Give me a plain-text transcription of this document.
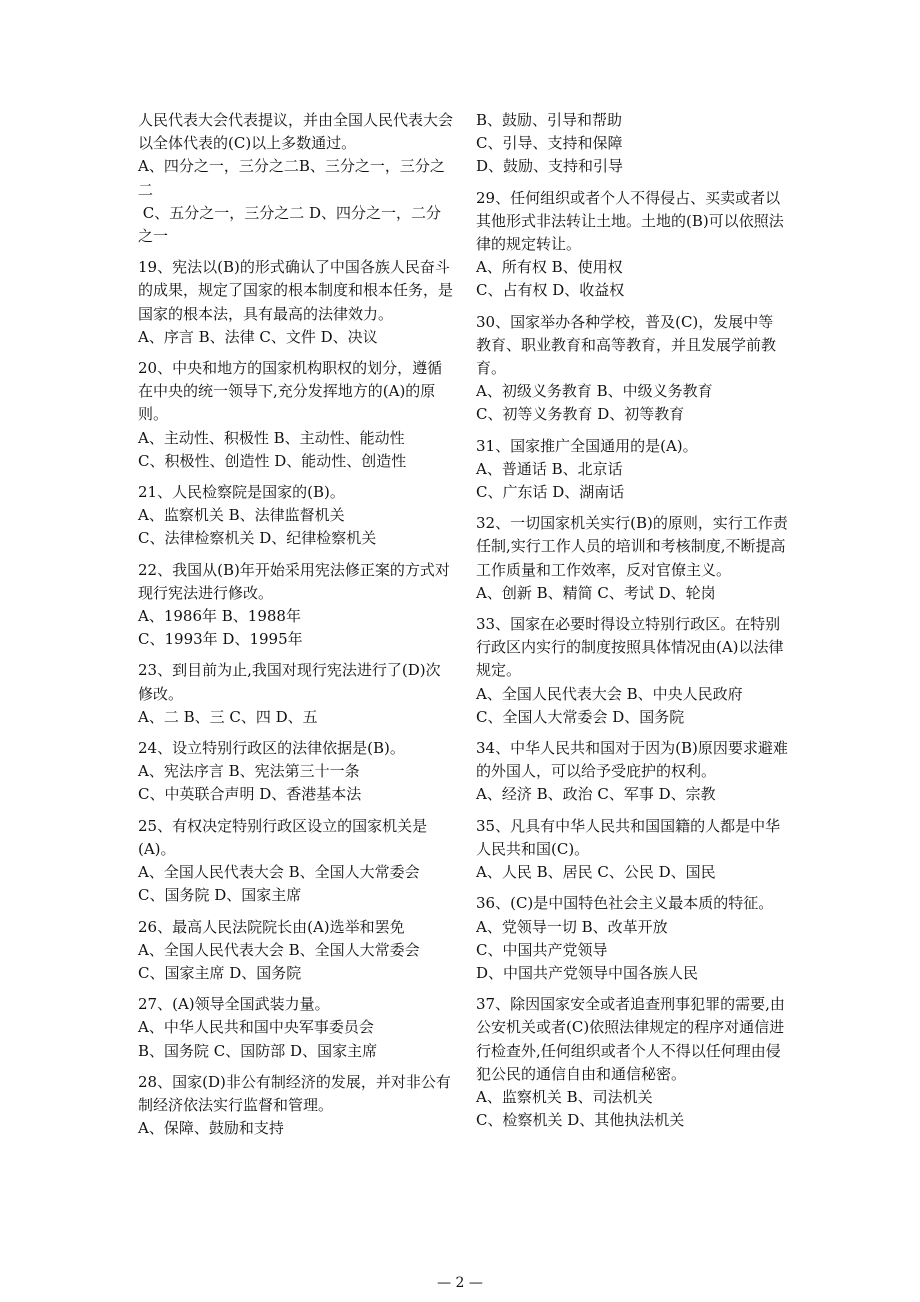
人民代表大会代表提议，并由全国人民代表大会以全体代表的(C)以上多数通过。

A、四分之一，三分之二B、三分之一，三分之二

C、五分之一，三分之二 D、四分之一，二分之一

19、宪法以(B)的形式确认了中国各族人民奋斗的成果，规定了国家的根本制度和根本任务，是国家的根本法，具有最高的法律效力。

A、序言 B、法律 C、文件 D、决议

20、中央和地方的国家机构职权的划分，遵循在中央的统一领导下,充分发挥地方的(A)的原则。

A、主动性、积极性 B、主动性、能动性

C、积极性、创造性 D、能动性、创造性

21、人民检察院是国家的(B)。

A、监察机关 B、法律监督机关

C、法律检察机关 D、纪律检察机关

22、我国从(B)年开始采用宪法修正案的方式对现行宪法进行修改。

A、1986年 B、1988年

C、1993年 D、1995年

23、到目前为止,我国对现行宪法进行了(D)次修改。

A、二 B、三 C、四 D、五

24、设立特别行政区的法律依据是(B)。

A、宪法序言 B、宪法第三十一条

C、中英联合声明 D、香港基本法

25、有权决定特别行政区设立的国家机关是(A)。

A、全国人民代表大会 B、全国人大常委会

C、国务院 D、国家主席

26、最高人民法院院长由(A)选举和罢免

A、全国人民代表大会 B、全国人大常委会

C、国家主席 D、国务院

27、(A)领导全国武装力量。

A、中华人民共和国中央军事委员会

B、国务院 C、国防部 D、国家主席

28、国家(D)非公有制经济的发展，并对非公有制经济依法实行监督和管理。

A、保障、鼓励和支持

B、鼓励、引导和帮助

C、引导、支持和保障

D、鼓励、支持和引导

29、任何组织或者个人不得侵占、买卖或者以其他形式非法转让土地。土地的(B)可以依照法律的规定转让。

A、所有权 B、使用权

C、占有权 D、收益权

30、国家举办各种学校，普及(C)，发展中等教育、职业教育和高等教育，并且发展学前教育。

A、初级义务教育 B、中级义务教育

C、初等义务教育 D、初等教育

31、国家推广全国通用的是(A)。

A、普通话 B、北京话

C、广东话 D、湖南话

32、一切国家机关实行(B)的原则，实行工作责任制,实行工作人员的培训和考核制度,不断提高工作质量和工作效率，反对官僚主义。

A、创新 B、精简 C、考试 D、轮岗

33、国家在必要时得设立特别行政区。在特别行政区内实行的制度按照具体情况由(A)以法律规定。

A、全国人民代表大会 B、中央人民政府

C、全国人大常委会 D、国务院

34、中华人民共和国对于因为(B)原因要求避难的外国人，可以给予受庇护的权利。

A、经济 B、政治 C、军事 D、宗教

35、凡具有中华人民共和国国籍的人都是中华人民共和国(C)。

A、人民 B、居民 C、公民 D、国民

36、(C)是中国特色社会主义最本质的特征。

A、党领导一切 B、改革开放

C、中国共产党领导

D、中国共产党领导中国各族人民

37、除因国家安全或者追查刑事犯罪的需要,由公安机关或者(C)依照法律规定的程序对通信进行检查外,任何组织或者个人不得以任何理由侵犯公民的通信自由和通信秘密。

A、监察机关 B、司法机关

C、检察机关 D、其他执法机关

— 2 —
